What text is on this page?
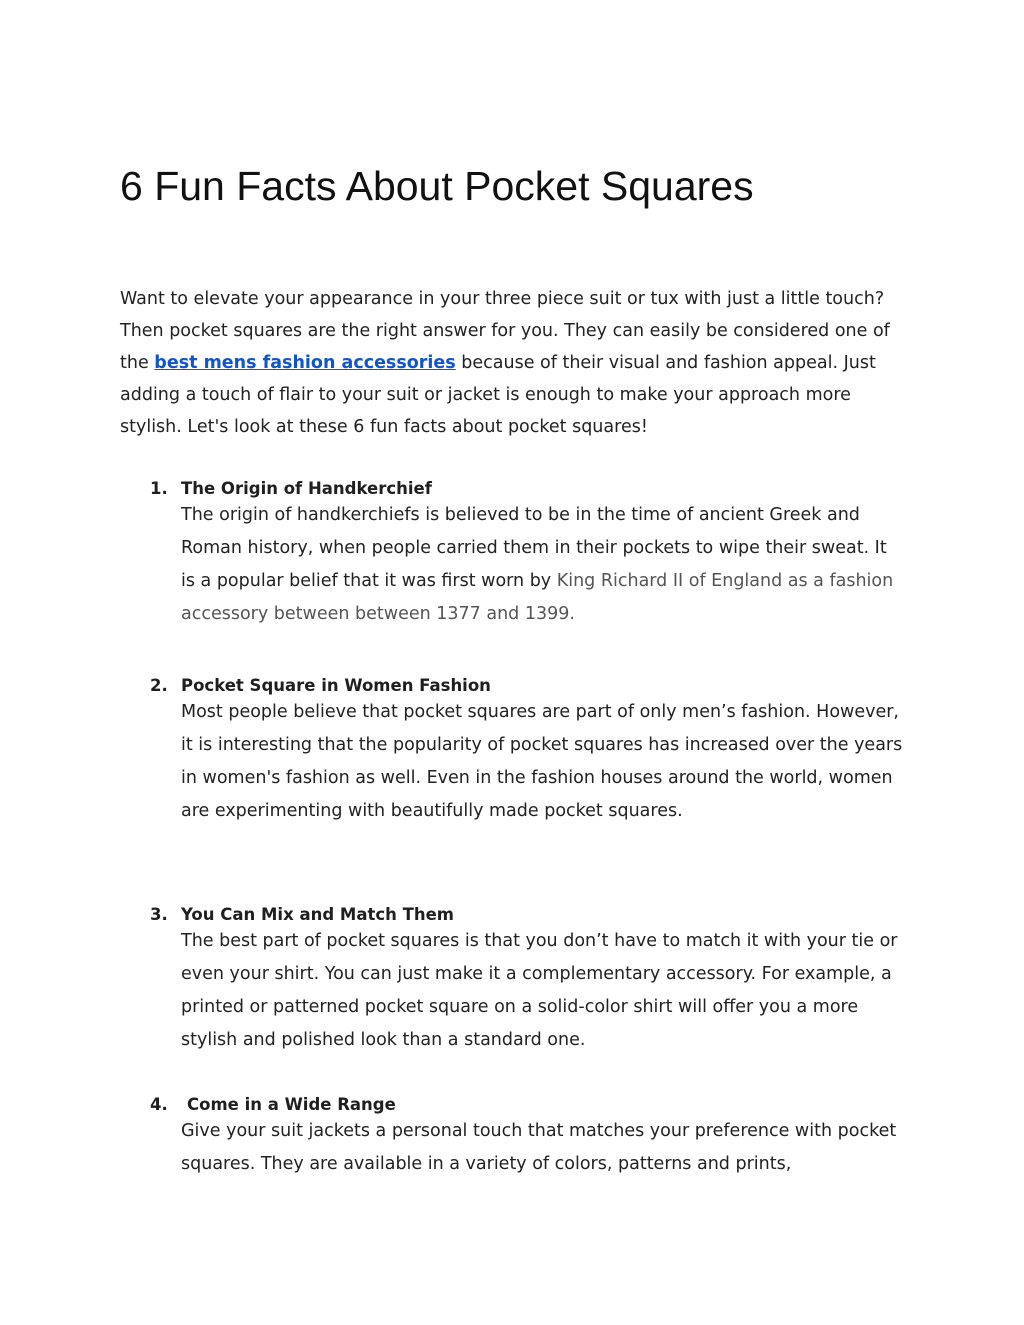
6 Fun Facts About Pocket Squares

Want to elevate your appearance in your three piece suit or tux with just a little touch? Then pocket squares are the right answer for you. They can easily be considered one of the best mens fashion accessories because of their visual and fashion appeal. Just adding a touch of flair to your suit or jacket is enough to make your approach more stylish. Let's look at these 6 fun facts about pocket squares!

1. The Origin of Handkerchief

The origin of handkerchiefs is believed to be in the time of ancient Greek and Roman history, when people carried them in their pockets to wipe their sweat. It is a popular belief that it was first worn by King Richard II of England as a fashion accessory between between 1377 and 1399.

2. Pocket Square in Women Fashion

Most people believe that pocket squares are part of only men’s fashion. However, it is interesting that the popularity of pocket squares has increased over the years in women's fashion as well. Even in the fashion houses around the world, women are experimenting with beautifully made pocket squares.

3. You Can Mix and Match Them

The best part of pocket squares is that you don’t have to match it with your tie or even your shirt. You can just make it a complementary accessory. For example, a printed or patterned pocket square on a solid-color shirt will offer you a more stylish and polished look than a standard one.

4. Come in a Wide Range

Give your suit jackets a personal touch that matches your preference with pocket squares. They are available in a variety of colors, patterns and prints,
